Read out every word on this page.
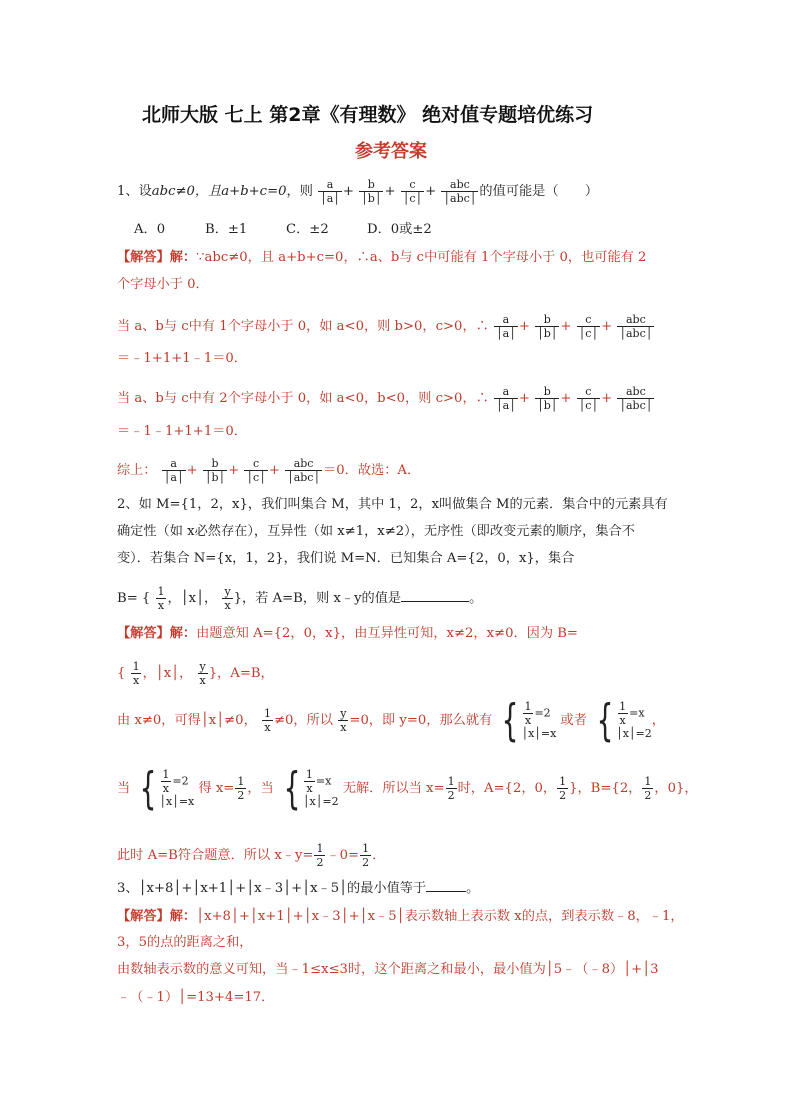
北师大版 七上 第2章《有理数》 绝对值专题培优练习
参考答案
1、设abc≠0，且a+b+c=0，则 $\frac{a}{│a│} + \frac{b}{│b│} + \frac{c}{│c│} + \frac{\text{abc}}{\text{│abc│}}$ 的值可能是（　　）
A．0	B．±1	C．±2	D．0或±2
【解答】解：∵abc≠0，且 a+b+c=0，∴a、b与 c中可能有 1个字母小于 0，也可能有 2
个字母小于 0．
当 a、b与 c中有 1个字母小于 0，如 a<0，则 b>0，c>0，∴ $\frac{a}{│a│} + \frac{b}{│b│} + \frac{c}{│c│} + \frac{\text{abc}}{\text{│abc│}}$
＝﹣1+1+1﹣1＝0．
当 a、b与 c中有 2个字母小于 0，如 a<0，b<0，则 c>0，∴ $\frac{a}{│a│} + \frac{b}{│b│} + \frac{c}{│c│} + \frac{\text{abc}}{\text{│abc│}}$
＝﹣1﹣1+1+1＝0．
综上： $\frac{a}{│a│} + \frac{b}{│b│} + \frac{c}{│c│} + \frac{\text{abc}}{\text{│abc│}} =0$．故选：A．
2、如 M={1，2，x}，我们叫集合 M，其中 1，2，x叫做集合 M的元素．集合中的元素具有
确定性（如 x必然存在），互异性（如 x≠1，x≠2），无序性（即改变元素的顺序，集合不
变）．若集合 N={x，1，2}，我们说 M=N．已知集合 A={2，0，x}，集合
B= { $\frac{1}{x}$ ，│x│， $\frac{y}{x}$ }，若 A=B，则 x﹣y的值是	。
【解答】解：由题意知 A={2，0，x}，由互异性可知，x≠2，x≠0．因为 B=
{ $\frac{1}{x}$ ，│x│， $\frac{y}{x}$ }，A=B，
由 x≠0，可得│x│≠0， $\frac{1}{x} \ne 0$，所以 $\frac{y}{x} =0$，即 y=0，那么就有 { $\frac{1}{x} =2$
│x│=x
或者 { $\frac{1}{x} =x$
│x│=2
，
当 { $\frac{1}{x} =2$
│x│=x
得 $x= \frac{1}{2}$ ，当 { $\frac{1}{x} =x$
│x│=2
无解．所以当 $x= \frac{1}{2}$ 时，A={2，0， $\frac{1}{2}$ }，B={2， $\frac{1}{2}$ ，0}，
此时 A=B符合题意．所以 x﹣y= $\frac{1}{2}$ ﹣0= $\frac{1}{2}$ ．
3、│x+8│+│x+1│+│x﹣3│+│x﹣5│的最小值等于	。
【解答】解：│x+8│+│x+1│+│x﹣3│+│x﹣5│表示数轴上表示数 x的点，到表示数﹣8，﹣1，
3，5的点的距离之和，
由数轴表示数的意义可知，当﹣1≤x≤3时，这个距离之和最小，最小值为│5﹣（﹣8）│+│3
﹣（﹣1）│=13+4=17．
